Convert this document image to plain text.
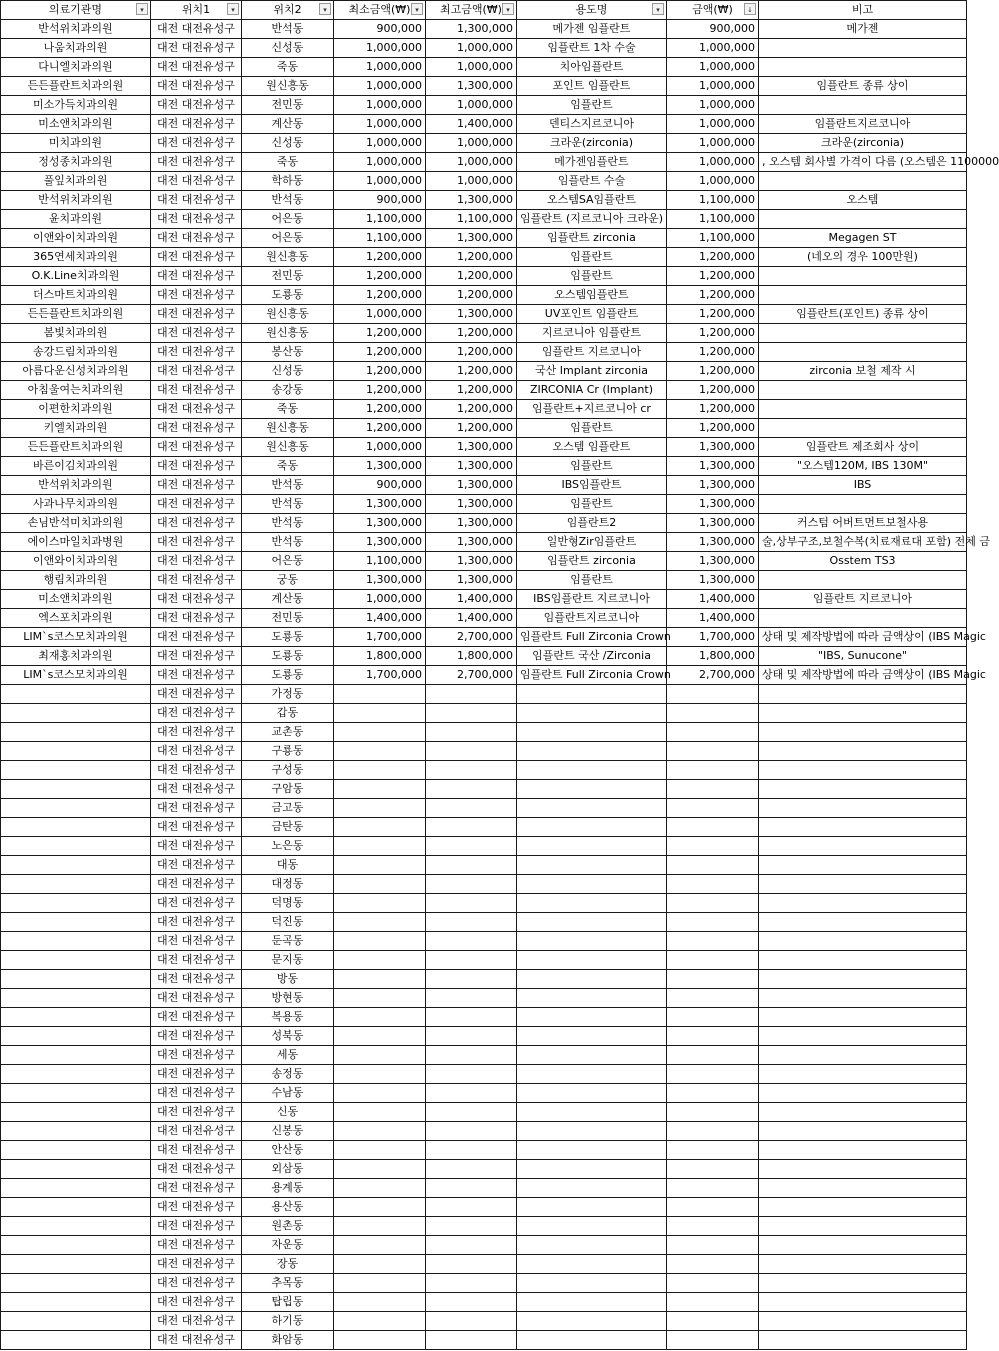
의료기관명 ▾	위치1 ▾	위치2 ▾	최소금액(₩) ▾	최고금액(₩) ▾	용도명 ▾	금액(₩) ↓	비고
반석위치과의원	대전 대전유성구	반석동	900,000	1,300,000	메가젠 임플란트	900,000	메가젠
나움치과의원	대전 대전유성구	신성동	1,000,000	1,000,000	임플란트 1차 수술	1,000,000	
다니엘치과의원	대전 대전유성구	죽동	1,000,000	1,000,000	치아임플란트	1,000,000	
든든플란트치과의원	대전 대전유성구	원신흥동	1,000,000	1,300,000	포인트 임플란트	1,000,000	임플란트 종류 상이
미소가득치과의원	대전 대전유성구	전민동	1,000,000	1,000,000	임플란트	1,000,000	
미소앤치과의원	대전 대전유성구	계산동	1,000,000	1,400,000	덴티스지르코니아	1,000,000	임플란트지르코니아
미치과의원	대전 대전유성구	신성동	1,000,000	1,000,000	크라운(zirconia)	1,000,000	크라운(zirconia)
정성종치과의원	대전 대전유성구	죽동	1,000,000	1,000,000	메가젠임플란트	1,000,000	, 오스템 회사별 가격이 다름 (오스템은 1100000
풀잎치과의원	대전 대전유성구	학하동	1,000,000	1,000,000	임플란트 수술	1,000,000	
반석위치과의원	대전 대전유성구	반석동	900,000	1,300,000	오스템SA임플란트	1,100,000	오스템
윤치과의원	대전 대전유성구	어은동	1,100,000	1,100,000	임플란트 (지르코니아 크라운)	1,100,000	
이앤와이치과의원	대전 대전유성구	어은동	1,100,000	1,300,000	임플란트 zirconia	1,100,000	Megagen ST
365연세치과의원	대전 대전유성구	원신흥동	1,200,000	1,200,000	임플란트	1,200,000	(네오의 경우 100만원)
O.K.Line치과의원	대전 대전유성구	전민동	1,200,000	1,200,000	임플란트	1,200,000	
더스마트치과의원	대전 대전유성구	도룡동	1,200,000	1,200,000	오스템임플란트	1,200,000	
든든플란트치과의원	대전 대전유성구	원신흥동	1,000,000	1,300,000	UV포인트 임플란트	1,200,000	임플란트(포인트) 종류 상이
봄빛치과의원	대전 대전유성구	원신흥동	1,200,000	1,200,000	지르코니아 임플란트	1,200,000	
송강드림치과의원	대전 대전유성구	봉산동	1,200,000	1,200,000	임플란트 지르코니아	1,200,000	
아름다운신성치과의원	대전 대전유성구	신성동	1,200,000	1,200,000	국산 Implant zirconia	1,200,000	zirconia 보철 제작 시
아침울여는치과의원	대전 대전유성구	송강동	1,200,000	1,200,000	ZIRCONIA Cr (Implant)	1,200,000	
이편한치과의원	대전 대전유성구	죽동	1,200,000	1,200,000	임플란트+지르코니아 cr	1,200,000	
키엘치과의원	대전 대전유성구	원신흥동	1,200,000	1,200,000	임플란트	1,200,000	
든든플란트치과의원	대전 대전유성구	원신흥동	1,000,000	1,300,000	오스템 임플란트	1,300,000	임플란트 제조회사 상이
바른이김치과의원	대전 대전유성구	죽동	1,300,000	1,300,000	임플란트	1,300,000	"오스템120M, IBS 130M"
반석위치과의원	대전 대전유성구	반석동	900,000	1,300,000	IBS임플란트	1,300,000	IBS
사과나무치과의원	대전 대전유성구	반석동	1,300,000	1,300,000	임플란트	1,300,000	
손님반석미치과의원	대전 대전유성구	반석동	1,300,000	1,300,000	임플란트2	1,300,000	커스텀 어버트먼트보철사용
에이스마일치과병원	대전 대전유성구	반석동	1,300,000	1,300,000	일반형Zir임플란트	1,300,000	술,상부구조,보철수복(치료재료대 포함) 전체 금
이앤와이치과의원	대전 대전유성구	어은동	1,100,000	1,300,000	임플란트 zirconia	1,300,000	Osstem TS3
행림치과의원	대전 대전유성구	궁동	1,300,000	1,300,000	임플란트	1,300,000	
미소앤치과의원	대전 대전유성구	계산동	1,000,000	1,400,000	IBS임플란트 지르코니아	1,400,000	임플란트 지르코니아
엑스포치과의원	대전 대전유성구	전민동	1,400,000	1,400,000	임플란트지르코니아	1,400,000	
LIM`s코스모치과의원	대전 대전유성구	도룡동	1,700,000	2,700,000	임플란트 Full Zirconia Crown	1,700,000	상태 및 제작방법에 따라 금액상이 (IBS Magic
최재홍치과의원	대전 대전유성구	도룡동	1,800,000	1,800,000	임플란트 국산 /Zirconia	1,800,000	"IBS, Sunucone"
LIM`s코스모치과의원	대전 대전유성구	도룡동	1,700,000	2,700,000	임플란트 Full Zirconia Crown	2,700,000	상태 및 제작방법에 따라 금액상이 (IBS Magic
	대전 대전유성구	가정동					
	대전 대전유성구	갑동					
	대전 대전유성구	교촌동					
	대전 대전유성구	구룡동					
	대전 대전유성구	구성동					
	대전 대전유성구	구암동					
	대전 대전유성구	금고동					
	대전 대전유성구	금탄동					
	대전 대전유성구	노은동					
	대전 대전유성구	대동					
	대전 대전유성구	대정동					
	대전 대전유성구	덕명동					
	대전 대전유성구	덕진동					
	대전 대전유성구	둔곡동					
	대전 대전유성구	문지동					
	대전 대전유성구	방동					
	대전 대전유성구	방현동					
	대전 대전유성구	복용동					
	대전 대전유성구	성북동					
	대전 대전유성구	세동					
	대전 대전유성구	송정동					
	대전 대전유성구	수남동					
	대전 대전유성구	신동					
	대전 대전유성구	신봉동					
	대전 대전유성구	안산동					
	대전 대전유성구	외삼동					
	대전 대전유성구	용계동					
	대전 대전유성구	용산동					
	대전 대전유성구	원촌동					
	대전 대전유성구	자운동					
	대전 대전유성구	장동					
	대전 대전유성구	추목동					
	대전 대전유성구	탑립동					
	대전 대전유성구	하기동					
	대전 대전유성구	화암동					
